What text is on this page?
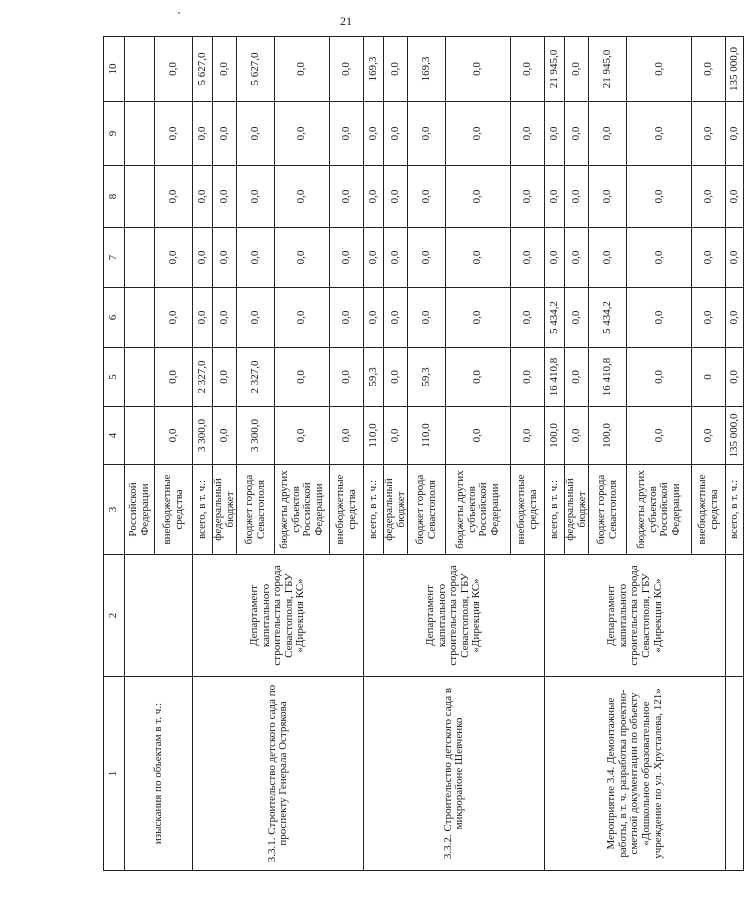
21
1	2	3	4	5	6	7	8	9	10
изыскания по объектам в т. ч.:		Российской Федерации							
		внебюджетные средства	0,0	0,0	0,0	0,0	0,0	0,0	0,0
3.3.1. Строительство детского сада по проспекту Генерала Острякова	Департамент капитального строительства города Севастополя, ГБУ «Дирекция КС»	всего, в т. ч.:	3 300,0	2 327,0	0,0	0,0	0,0	0,0	5 627,0
		федеральный бюджет	0,0	0,0	0,0	0,0	0,0	0,0	0,0
		бюджет города Севастополя	3 300,0	2 327,0	0,0	0,0	0,0	0,0	5 627,0
		бюджеты других субъектов Российской Федерации	0,0	0,0	0,0	0,0	0,0	0,0	0,0
		внебюджетные средства	0,0	0,0	0,0	0,0	0,0	0,0	0,0
3.3.2. Строительство детского сада в микрорайоне Шевченко	Департамент капитального строительства города Севастополя, ГБУ «Дирекция КС»	всего, в т. ч.:	110,0	59,3	0,0	0,0	0,0	0,0	169,3
		федеральный бюджет	0,0	0,0	0,0	0,0	0,0	0,0	0,0
		бюджет города Севастополя	110,0	59,3	0,0	0,0	0,0	0,0	169,3
		бюджеты других субъектов Российской Федерации	0,0	0,0	0,0	0,0	0,0	0,0	0,0
		внебюджетные средства	0,0	0,0	0,0	0,0	0,0	0,0	0,0
Мероприятие 3.4. Демонтажные работы, в т. ч. разработка проектно-сметной документации по объекту «Дошкольное образовательное учреждение по ул. Хрусталева, 121»	Департамент капитального строительства города Севастополя, ГБУ «Дирекция КС»	всего, в т. ч.:	100,0	16 410,8	5 434,2	0,0	0,0	0,0	21 945,0
		федеральный бюджет	0,0	0,0	0,0	0,0	0,0	0,0	0,0
		бюджет города Севастополя	100,0	16 410,8	5 434,2	0,0	0,0	0,0	21 945,0
		бюджеты других субъектов Российской Федерации	0,0	0,0	0,0	0,0	0,0	0,0	0,0
		внебюджетные средства	0,0	0	0,0	0,0	0,0	0,0	0,0
		всего, в т. ч.:	135 000,0	0,0	0,0	0,0	0,0	0,0	135 000,0
